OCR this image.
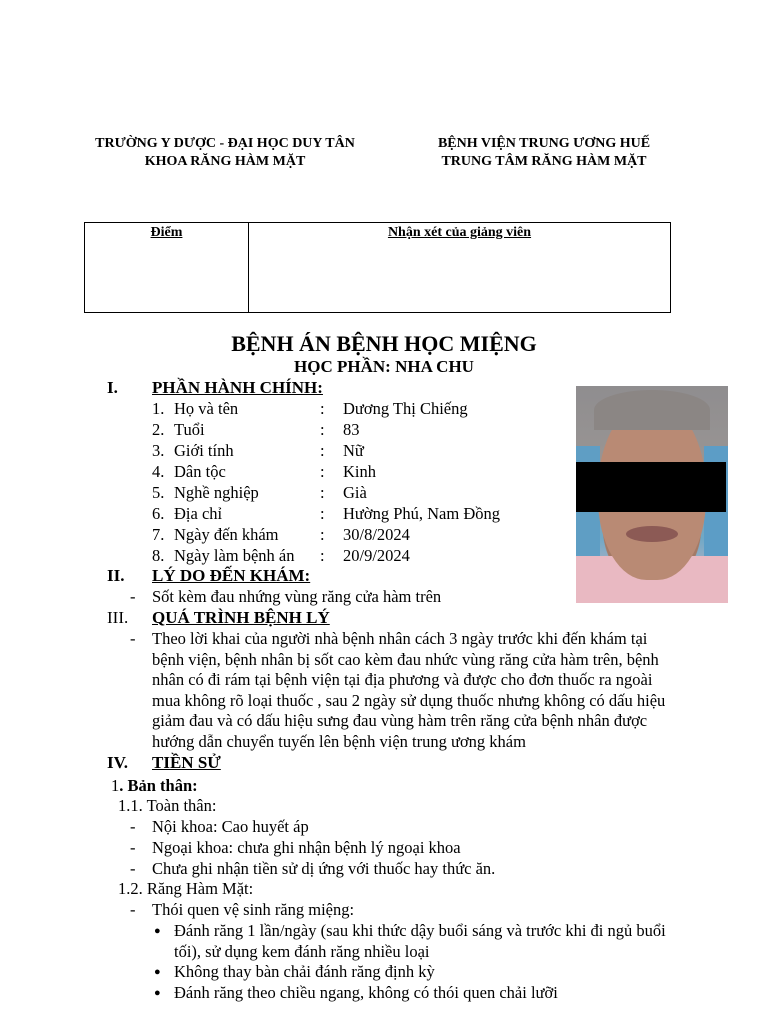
TRƯỜNG Y DƯỢC - ĐẠI HỌC DUY TÂN
KHOA RĂNG HÀM MẶT
BỆNH VIỆN TRUNG ƯƠNG HUẾ
TRUNG TÂM RĂNG HÀM MẶT
Điểm	Nhận xét của giảng viên
BỆNH ÁN BỆNH HỌC MIỆNG
HỌC PHẦN: NHA CHU
I. PHẦN HÀNH CHÍNH:
1. Họ và tên	: Dương Thị Chiếng
2. Tuổi	: 83
3. Giới tính	: Nữ
4. Dân tộc	: Kinh
5. Nghề nghiệp	: Già
6. Địa chỉ	: Hường Phú, Nam Đồng
7. Ngày đến khám	: 30/8/2024
8. Ngày làm bệnh án : 20/9/2024
II. LÝ DO ĐẾN KHÁM:
- Sốt kèm đau nhứng vùng răng cửa hàm trên
III. QUÁ TRÌNH BỆNH LÝ
- Theo lời khai của người nhà bệnh nhân cách 3 ngày trước khi đến khám tại
bệnh viện, bệnh nhân bị sốt cao kèm đau nhức vùng răng cửa hàm trên, bệnh
nhân có đi rám tại bệnh viện tại địa phương và được cho đơn thuốc ra ngoài
mua không rõ loại thuốc , sau 2 ngày sử dụng thuốc nhưng không có dấu hiệu
giảm đau và có dấu hiệu sưng đau vùng hàm trên răng cửa bệnh nhân được
hướng dẫn chuyển tuyến lên bệnh viện trung ương khám
IV. TIỀN SỬ
1. Bản thân:
1.1. Toàn thân:
- Nội khoa: Cao huyết áp
- Ngoại khoa: chưa ghi nhận bệnh lý ngoại khoa
- Chưa ghi nhận tiền sử dị ứng với thuốc hay thức ăn.
1.2. Răng Hàm Mặt:
- Thói quen vệ sinh răng miệng:
● Đánh răng 1 lần/ngày (sau khi thức dậy buổi sáng và trước khi đi ngủ buổi
tối), sử dụng kem đánh răng nhiều loại
● Không thay bàn chải đánh răng định kỳ
● Đánh răng theo chiều ngang, không có thói quen chải lưỡi
